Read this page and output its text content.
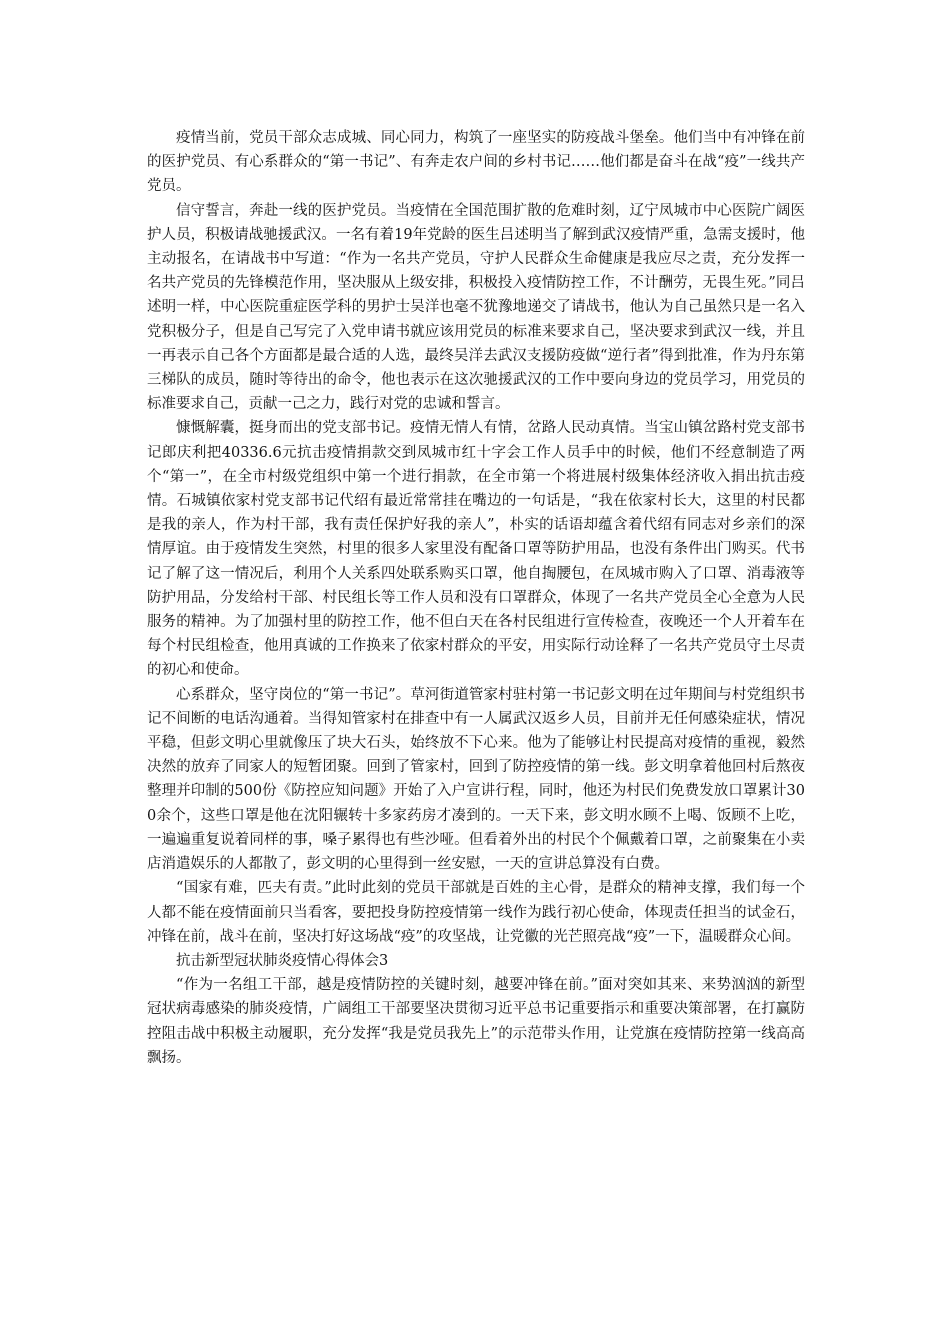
疫情当前，党员干部众志成城、同心同力，构筑了一座坚实的防疫战斗堡垒。他们当中有冲锋在前的医护党员、有心系群众的“第一书记”、有奔走农户间的乡村书记……他们都是奋斗在战“疫”一线共产党员。

信守誓言，奔赴一线的医护党员。当疫情在全国范围扩散的危难时刻，辽宁凤城市中心医院广阔医护人员，积极请战驰援武汉。一名有着19年党龄的医生吕述明当了解到武汉疫情严重，急需支援时，他主动报名，在请战书中写道：“作为一名共产党员，守护人民群众生命健康是我应尽之责，充分发挥一名共产党员的先锋模范作用，坚决服从上级安排，积极投入疫情防控工作，不计酬劳，无畏生死。”同吕述明一样，中心医院重症医学科的男护士吴洋也毫不犹豫地递交了请战书，他认为自己虽然只是一名入党积极分子，但是自己写完了入党申请书就应该用党员的标准来要求自己，坚决要求到武汉一线，并且一再表示自己各个方面都是最合适的人选，最终吴洋去武汉支援防疫做“逆行者”得到批准，作为丹东第三梯队的成员，随时等待出的命令，他也表示在这次驰援武汉的工作中要向身边的党员学习，用党员的标准要求自己，贡献一己之力，践行对党的忠诚和誓言。

慷慨解囊，挺身而出的党支部书记。疫情无情人有情，岔路人民动真情。当宝山镇岔路村党支部书记郎庆利把40336.6元抗击疫情捐款交到凤城市红十字会工作人员手中的时候，他们不经意制造了两个“第一”，在全市村级党组织中第一个进行捐款，在全市第一个将进展村级集体经济收入捐出抗击疫情。石城镇依家村党支部书记代绍有最近常常挂在嘴边的一句话是，“我在依家村长大，这里的村民都是我的亲人，作为村干部，我有责任保护好我的亲人”，朴实的话语却蕴含着代绍有同志对乡亲们的深情厚谊。由于疫情发生突然，村里的很多人家里没有配备口罩等防护用品，也没有条件出门购买。代书记了解了这一情况后，利用个人关系四处联系购买口罩，他自掏腰包，在凤城市购入了口罩、消毒液等防护用品，分发给村干部、村民组长等工作人员和没有口罩群众，体现了一名共产党员全心全意为人民服务的精神。为了加强村里的防控工作，他不但白天在各村民组进行宣传检查，夜晚还一个人开着车在每个村民组检查，他用真诚的工作换来了依家村群众的平安，用实际行动诠释了一名共产党员守土尽责的初心和使命。

心系群众，坚守岗位的“第一书记”。草河街道管家村驻村第一书记彭文明在过年期间与村党组织书记不间断的电话沟通着。当得知管家村在排查中有一人属武汉返乡人员，目前并无任何感染症状，情况平稳，但彭文明心里就像压了块大石头，始终放不下心来。他为了能够让村民提高对疫情的重视，毅然决然的放弃了同家人的短暂团聚。回到了管家村，回到了防控疫情的第一线。彭文明拿着他回村后熬夜整理并印制的500份《防控应知问题》开始了入户宣讲行程，同时，他还为村民们免费发放口罩累计300余个，这些口罩是他在沈阳辗转十多家药房才凑到的。一天下来，彭文明水顾不上喝、饭顾不上吃，一遍遍重复说着同样的事，嗓子累得也有些沙哑。但看着外出的村民个个佩戴着口罩，之前聚集在小卖店消遣娱乐的人都散了，彭文明的心里得到一丝安慰，一天的宣讲总算没有白费。

“国家有难，匹夫有责。”此时此刻的党员干部就是百姓的主心骨，是群众的精神支撑，我们每一个人都不能在疫情面前只当看客，要把投身防控疫情第一线作为践行初心使命，体现责任担当的试金石，冲锋在前，战斗在前，坚决打好这场战“疫”的攻坚战，让党徽的光芒照亮战“疫”一下，温暖群众心间。

抗击新型冠状肺炎疫情心得体会3

“作为一名组工干部，越是疫情防控的关键时刻，越要冲锋在前。”面对突如其来、来势汹汹的新型冠状病毒感染的肺炎疫情，广阔组工干部要坚决贯彻习近平总书记重要指示和重要决策部署，在打赢防控阻击战中积极主动履职，充分发挥“我是党员我先上”的示范带头作用，让党旗在疫情防控第一线高高飘扬。
